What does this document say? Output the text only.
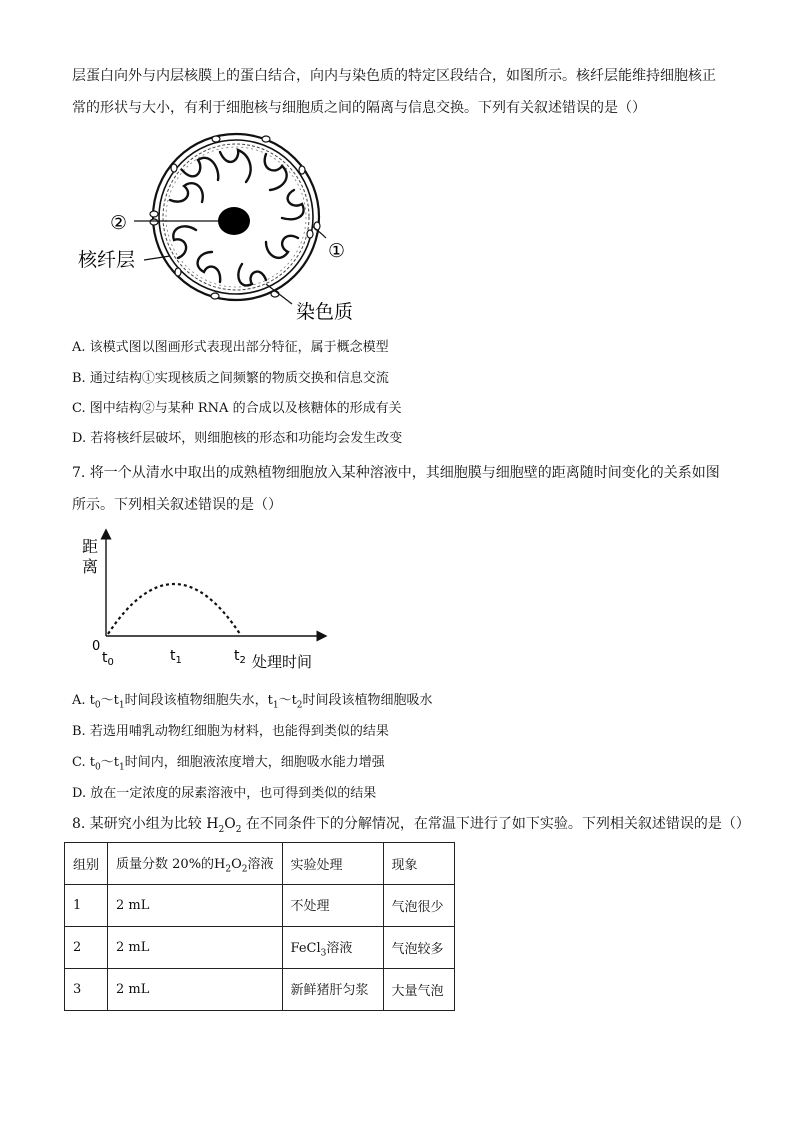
层蛋白向外与内层核膜上的蛋白结合，向内与染色质的特定区段结合，如图所示。核纤层能维持细胞核正
常的形状与大小，有利于细胞核与细胞质之间的隔离与信息交换。下列有关叙述错误的是（）
②
①
核纤层
染色质
A. 该模式图以图画形式表现出部分特征，属于概念模型
B. 通过结构①实现核质之间频繁的物质交换和信息交流
C. 图中结构②与某种 RNA 的合成以及核糖体的形成有关
D. 若将核纤层破坏，则细胞核的形态和功能均会发生改变
7. 将一个从清水中取出的成熟植物细胞放入某种溶液中，其细胞膜与细胞壁的距离随时间变化的关系如图
所示。下列相关叙述错误的是（）
距
离
0
$t_0$	$t_1$	$t_2$ 处理时间
A. $t_0\sim t_1$时间段该植物细胞失水，$t_1\sim t_2$时间段该植物细胞吸水
B. 若选用哺乳动物红细胞为材料，也能得到类似的结果
C. $t_0\sim t_1$时间内，细胞液浓度增大，细胞吸水能力增强
D. 放在一定浓度的尿素溶液中，也可得到类似的结果
8. 某研究小组为比较 $H_2O_2$ 在不同条件下的分解情况，在常温下进行了如下实验。下列相关叙述错误的是（）
组别	质量分数 20%的$H_2O_2$溶液	实验处理	现象
1	2 mL	不处理	气泡很少
2	2 mL	FeCl$_3$溶液	气泡较多
3	2 mL	新鲜猪肝匀浆	大量气泡
